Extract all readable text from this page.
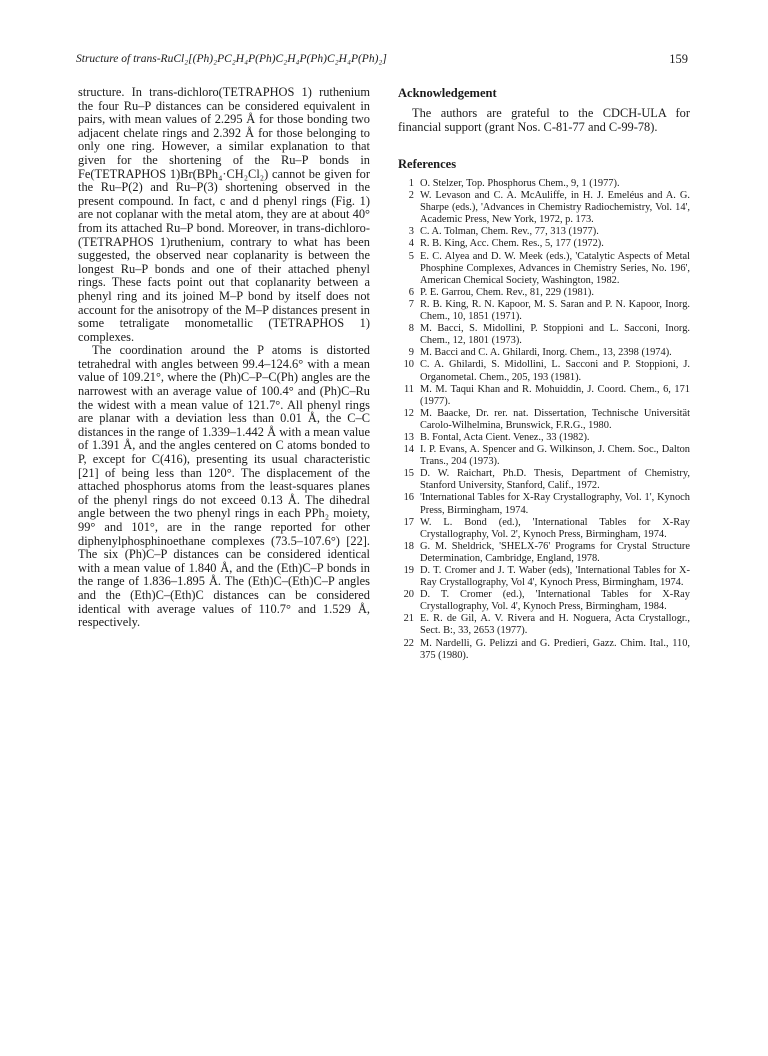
Structure of trans-RuCl₂[(Ph)₂PC₂H₄P(Ph)C₂H₄P(Ph)C₂H₄P(Ph)₂]	159

structure. In trans-dichloro(TETRAPHOS 1) ruthenium the four Ru–P distances can be considered equivalent in pairs, with mean values of 2.295 Å for those bonding two adjacent chelate rings and 2.392 Å for those belonging to only one ring. However, a similar explanation to that given for the shortening of the Ru–P bonds in Fe(TETRAPHOS 1)Br(BPh₄·CH₂Cl₂) cannot be given for the Ru–P(2) and Ru–P(3) shortening observed in the present compound. In fact, c and d phenyl rings (Fig. 1) are not coplanar with the metal atom, they are at about 40° from its attached Ru–P bond. Moreover, in trans-dichloro-(TETRAPHOS 1)ruthenium, contrary to what has been suggested, the observed near coplanarity is between the longest Ru–P bonds and one of their attached phenyl rings. These facts point out that coplanarity between a phenyl ring and its joined M–P bond by itself does not account for the anisotropy of the M–P distances present in some tetraligate monometallic (TETRAPHOS 1) complexes.

The coordination around the P atoms is distorted tetrahedral with angles between 99.4–124.6° with a mean value of 109.21°, where the (Ph)C–P–C(Ph) angles are the narrowest with an average value of 100.4° and (Ph)C–Ru the widest with a mean value of 121.7°. All phenyl rings are planar with a deviation less than 0.01 Å, the C–C distances in the range of 1.339–1.442 Å with a mean value of 1.391 Å, and the angles centered on C atoms bonded to P, except for C(416), presenting its usual characteristic [21] of being less than 120°. The displacement of the attached phosphorus atoms from the least-squares planes of the phenyl rings do not exceed 0.13 Å. The dihedral angle between the two phenyl rings in each PPh₂ moiety, 99° and 101°, are in the range reported for other diphenylphosphinoethane complexes (73.5–107.6°) [22]. The six (Ph)C–P distances can be considered identical with a mean value of 1.840 Å, and the (Eth)C–P bonds in the range of 1.836–1.895 Å. The (Eth)C–(Eth)C–P angles and the (Eth)C–(Eth)C distances can be considered identical with average values of 110.7° and 1.529 Å, respectively.

Acknowledgement

The authors are grateful to the CDCH-ULA for financial support (grant Nos. C-81-77 and C-99-78).

References
1 O. Stelzer, Top. Phosphorus Chem., 9, 1 (1977).
2 W. Levason and C. A. McAuliffe, in H. J. Emeléus and A. G. Sharpe (eds.), 'Advances in Chemistry Radiochemistry, Vol. 14', Academic Press, New York, 1972, p. 173.
3 C. A. Tolman, Chem. Rev., 77, 313 (1977).
4 R. B. King, Acc. Chem. Res., 5, 177 (1972).
5 E. C. Alyea and D. W. Meek (eds.), 'Catalytic Aspects of Metal Phosphine Complexes, Advances in Chemistry Series, No. 196', American Chemical Society, Washington, 1982.
6 P. E. Garrou, Chem. Rev., 81, 229 (1981).
7 R. B. King, R. N. Kapoor, M. S. Saran and P. N. Kapoor, Inorg. Chem., 10, 1851 (1971).
8 M. Bacci, S. Midollini, P. Stoppioni and L. Sacconi, Inorg. Chem., 12, 1801 (1973).
9 M. Bacci and C. A. Ghilardi, Inorg. Chem., 13, 2398 (1974).
10 C. A. Ghilardi, S. Midollini, L. Sacconi and P. Stoppioni, J. Organometal. Chem., 205, 193 (1981).
11 M. M. Taqui Khan and R. Mohuiddin, J. Coord. Chem., 6, 171 (1977).
12 M. Baacke, Dr. rer. nat. Dissertation, Technische Universität Carolo-Wilhelmina, Brunswick, F.R.G., 1980.
13 B. Fontal, Acta Cient. Venez., 33 (1982).
14 I. P. Evans, A. Spencer and G. Wilkinson, J. Chem. Soc., Dalton Trans., 204 (1973).
15 D. W. Raichart, Ph.D. Thesis, Department of Chemistry, Stanford University, Stanford, Calif., 1972.
16 'International Tables for X-Ray Crystallography, Vol. 1', Kynoch Press, Birmingham, 1974.
17 W. L. Bond (ed.), 'International Tables for X-Ray Crystallography, Vol. 2', Kynoch Press, Birmingham, 1974.
18 G. M. Sheldrick, 'SHELX-76' Programs for Crystal Structure Determination, Cambridge, England, 1978.
19 D. T. Cromer and J. T. Waber (eds), 'International Tables for X-Ray Crystallography, Vol 4', Kynoch Press, Birmingham, 1974.
20 D. T. Cromer (ed.), 'International Tables for X-Ray Crystallography, Vol. 4', Kynoch Press, Birmingham, 1984.
21 E. R. de Gil, A. V. Rivera and H. Noguera, Acta Crystallogr., Sect. B:, 33, 2653 (1977).
22 M. Nardelli, G. Pelizzi and G. Predieri, Gazz. Chim. Ital., 110, 375 (1980).
